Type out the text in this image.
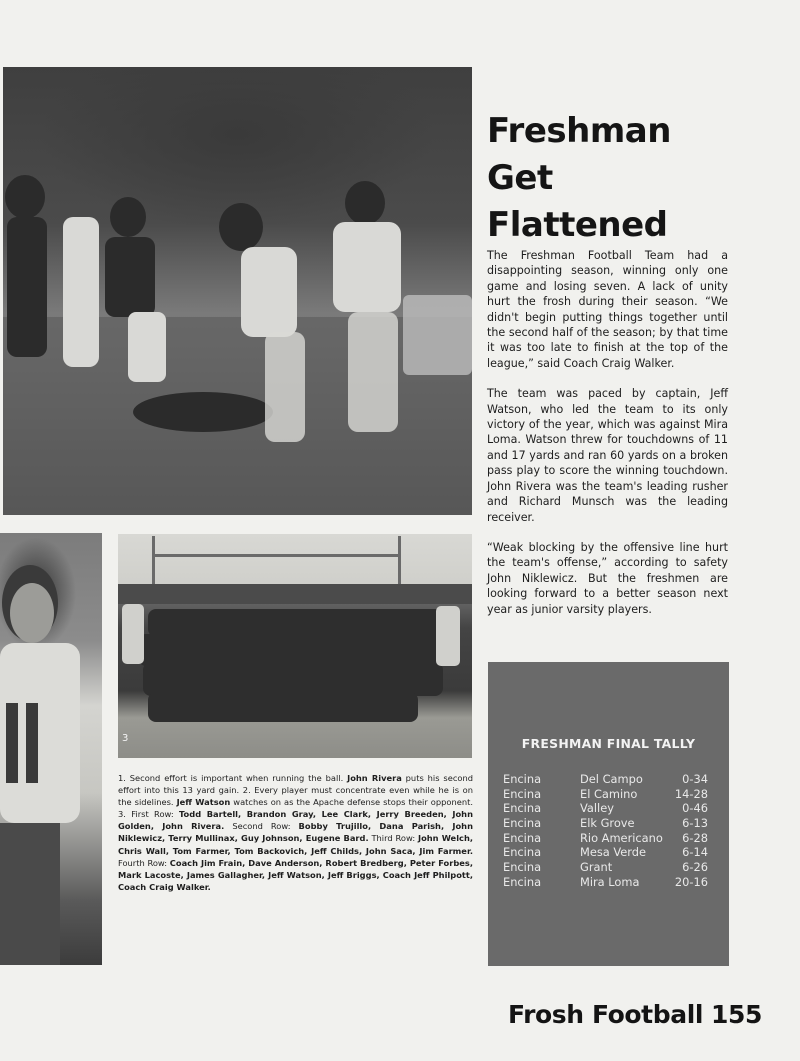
3
Freshman
Get
Flattened

The Freshman Football Team had a disappointing season, winning only one game and losing seven. A lack of unity hurt the frosh during their season. “We didn't begin putting things together until the second half of the season; by that time it was too late to finish at the top of the league,” said Coach Craig Walker.

The team was paced by captain, Jeff Watson, who led the team to its only victory of the year, which was against Mira Loma. Watson threw for touchdowns of 11 and 17 yards and ran 60 yards on a broken pass play to score the winning touchdown. John Rivera was the team's leading rusher and Richard Munsch was the leading receiver.

“Weak blocking by the offensive line hurt the team's offense,” according to safety John Niklewicz. But the freshmen are looking forward to a better season next year as junior varsity players.

1. Second effort is important when running the ball. John Rivera puts his second effort into this 13 yard gain. 2. Every player must concentrate even while he is on the sidelines. Jeff Watson watches on as the Apache defense stops their opponent. 3. First Row: Todd Bartell, Brandon Gray, Lee Clark, Jerry Breeden, John Golden, John Rivera. Second Row: Bobby Trujillo, Dana Parish, John Niklewicz, Terry Mullinax, Guy Johnson, Eugene Bard. Third Row: John Welch, Chris Wall, Tom Farmer, Tom Backovich, Jeff Childs, John Saca, Jim Farmer. Fourth Row: Coach Jim Frain, Dave Anderson, Robert Bredberg, Peter Forbes, Mark Lacoste, James Gallagher, Jeff Watson, Jeff Briggs, Coach Jeff Philpott, Coach Craig Walker.

FRESHMAN FINAL TALLY
Encina	Del Campo	0-34
Encina	El Camino	14-28
Encina	Valley	0-46
Encina	Elk Grove	6-13
Encina	Rio Americano 6-28
Encina	Mesa Verde	6-14
Encina	Grant	6-26
Encina	Mira Loma	20-16
Frosh Football 155
